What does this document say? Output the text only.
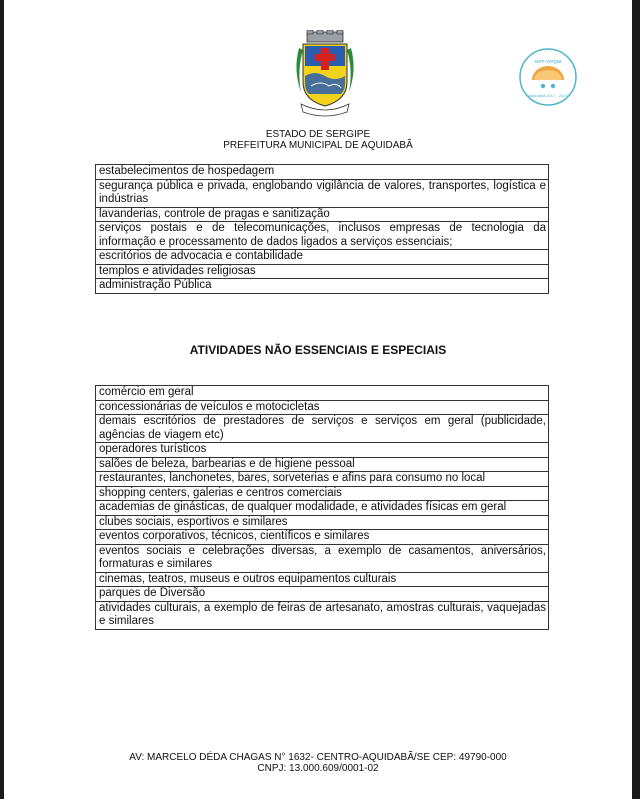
sem vergar
Aquidabã 2017 - 2020
ESTADO DE SERGIPE
PREFEITURA MUNICIPAL DE AQUIDABÃ
estabelecimentos de hospedagem
segurança pública e privada, englobando vigilância de valores, transportes, logística e indústrias
lavanderias, controle de pragas e sanitização
serviços postais e de telecomunicações, inclusos empresas de tecnologia da informação e processamento de dados ligados a serviços essenciais;
escritórios de advocacia e contabilidade
templos e atividades religiosas
administração Pública
ATIVIDADES NÃO ESSENCIAIS E ESPECIAIS
comércio em geral
concessionárias de veículos e motocicletas
demais escritórios de prestadores de serviços e serviços em geral (publicidade, agências de viagem etc)
operadores turísticos
salões de beleza, barbearias e de higiene pessoal
restaurantes, lanchonetes, bares, sorveterias e afins para consumo no local
shopping centers, galerias e centros comerciais
academias de ginásticas, de qualquer modalidade, e atividades físicas em geral
clubes sociais, esportivos e similares
eventos corporativos, técnicos, científicos e similares
eventos sociais e celebrações diversas, a exemplo de casamentos, aniversários, formaturas e similares
cinemas, teatros, museus e outros equipamentos culturais
parques de Diversão
atividades culturais, a exemplo de feiras de artesanato, amostras culturais, vaquejadas e similares
AV: MARCELO DÉDA CHAGAS N° 1632- CENTRO-AQUIDABÃ/SE CEP: 49790-000
CNPJ: 13.000.609/0001-02
